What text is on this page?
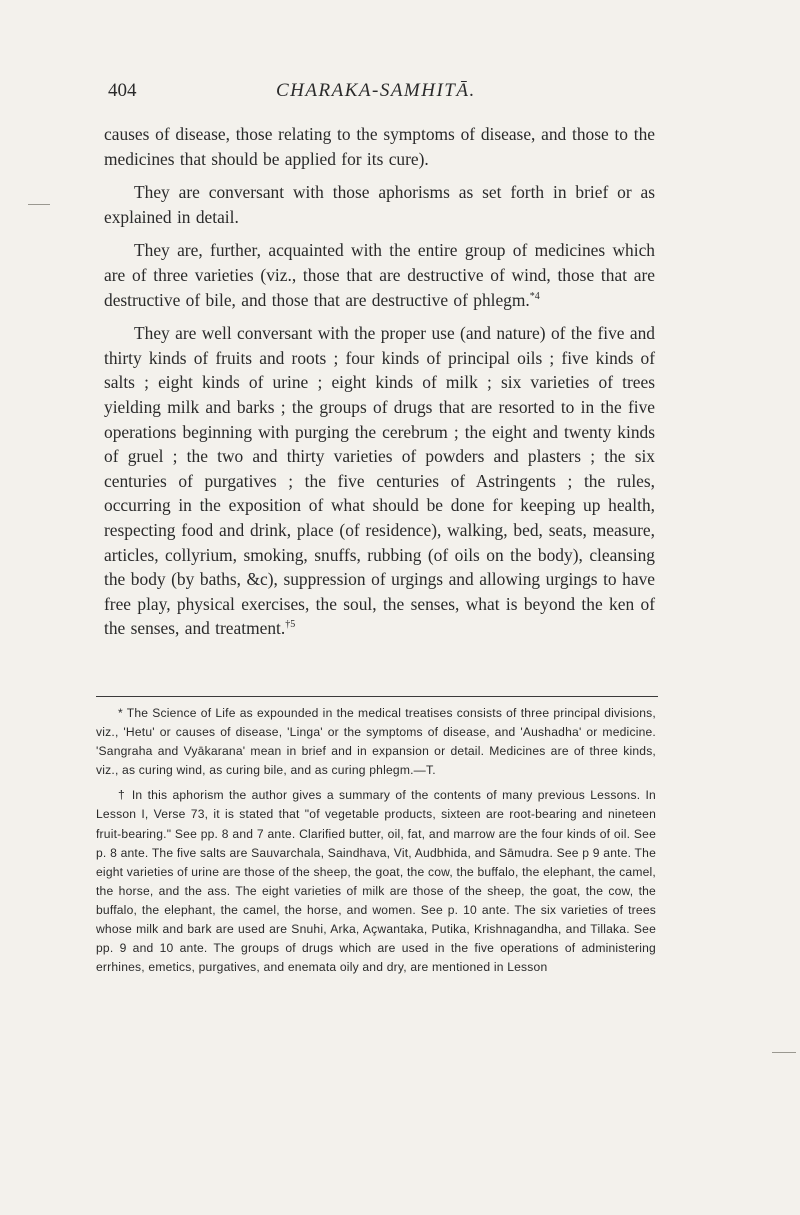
404	CHARAKA-SAMHITĀ.

causes of disease, those relating to the symptoms of disease, and those to the medicines that should be applied for its cure).

They are conversant with those aphorisms as set forth in brief or as explained in detail.

They are, further, acquainted with the entire group of medicines which are of three varieties (viz., those that are destructive of wind, those that are destructive of bile, and those that are destructive of phlegm.$^{*4}$

They are well conversant with the proper use (and nature) of the five and thirty kinds of fruits and roots ; four kinds of principal oils ; five kinds of salts ; eight kinds of urine ; eight kinds of milk ; six varieties of trees yielding milk and barks ; the groups of drugs that are resorted to in the five operations beginning with purging the cerebrum ; the eight and twenty kinds of gruel ; the two and thirty varieties of powders and plasters ; the six centuries of purgatives ; the five centuries of Astringents ; the rules, occurring in the exposition of what should be done for keeping up health, respecting food and drink, place (of residence), walking, bed, seats, measure, articles, collyrium, smoking, snuffs, rubbing (of oils on the body), cleansing the body (by baths, &c), suppression of urgings and allowing urgings to have free play, physical exercises, the soul, the senses, what is beyond the ken of the senses, and treatment.$^{\dagger 5}$

* The Science of Life as expounded in the medical treatises consists of three principal divisions, viz., 'Hetu' or causes of disease, 'Linga' or the symptoms of disease, and 'Aushadha' or medicine. 'Sangraha and Vyākarana' mean in brief and in expansion or detail. Medicines are of three kinds, viz., as curing wind, as curing bile, and as curing phlegm.—T.

† In this aphorism the author gives a summary of the contents of many previous Lessons. In Lesson I, Verse 73, it is stated that "of vegetable products, sixteen are root-bearing and nineteen fruit-bearing." See pp. 8 and 7 ante. Clarified butter, oil, fat, and marrow are the four kinds of oil. See p. 8 ante. The five salts are Sauvarchala, Saindhava, Vit, Audbhida, and Sāmudra. See p 9 ante. The eight varieties of urine are those of the sheep, the goat, the cow, the buffalo, the elephant, the camel, the horse, and the ass. The eight varieties of milk are those of the sheep, the goat, the cow, the buffalo, the elephant, the camel, the horse, and women. See p. 10 ante. The six varieties of trees whose milk and bark are used are Snuhi, Arka, Açwantaka, Putika, Krishnagandha, and Tillaka. See pp. 9 and 10 ante. The groups of drugs which are used in the five operations of administering errhines, emetics, purgatives, and enemata oily and dry, are mentioned in Lesson
